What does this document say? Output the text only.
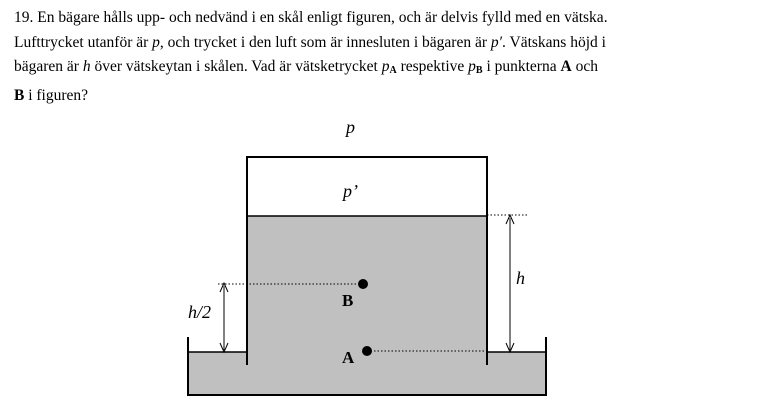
19. En bägare hålls upp- och nedvänd i en skål enligt figuren, och är delvis fylld med en vätska.

Lufttrycket utanför är p, och trycket i den luft som är innesluten i bägaren är p′. Vätskans höjd i

bägaren är h över vätskeytan i skålen. Vad är vätsketrycket $p_A$ respektive $p_B$ i punkterna A och

B i figuren?

p
p’
h
h/2
B
A
